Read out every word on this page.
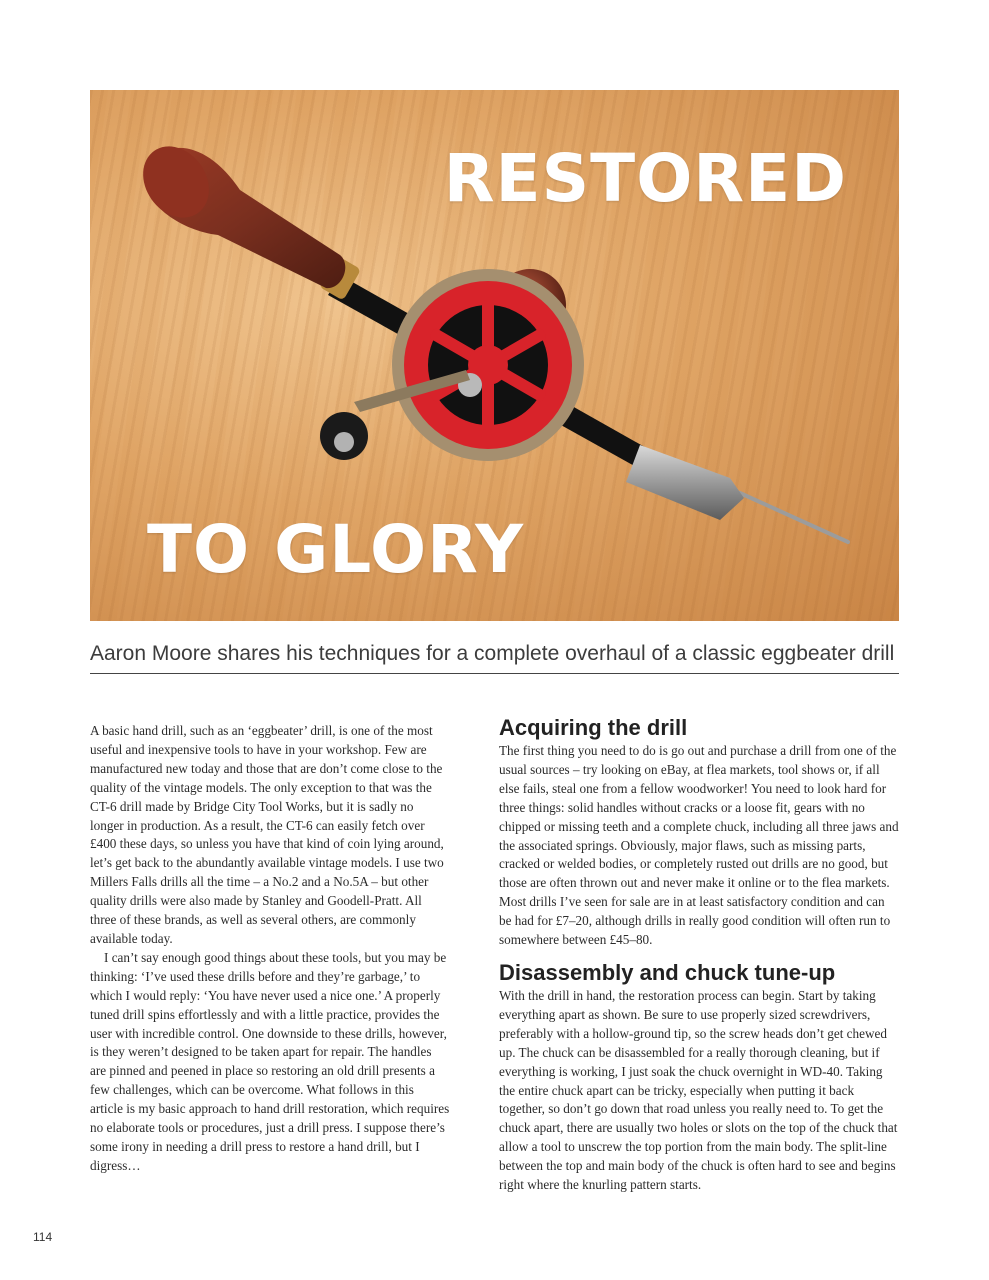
RESTORED
TO GLORY

Aaron Moore shares his techniques for a complete overhaul of a classic eggbeater drill

A basic hand drill, such as an ‘eggbeater’ drill, is one of the most useful and inexpensive tools to have in your workshop. Few are manufactured new today and those that are don’t come close to the quality of the vintage models. The only exception to that was the CT-6 drill made by Bridge City Tool Works, but it is sadly no longer in production. As a result, the CT-6 can easily fetch over £400 these days, so unless you have that kind of coin lying around, let’s get back to the abundantly available vintage models. I use two Millers Falls drills all the time – a No.2 and a No.5A – but other quality drills were also made by Stanley and Goodell-Pratt. All three of these brands, as well as several others, are commonly available today.

I can’t say enough good things about these tools, but you may be thinking: ‘I’ve used these drills before and they’re garbage,’ to which I would reply: ‘You have never used a nice one.’ A properly tuned drill spins effortlessly and with a little practice, provides the user with incredible control. One downside to these drills, however, is they weren’t designed to be taken apart for repair. The handles are pinned and peened in place so restoring an old drill presents a few challenges, which can be overcome. What follows in this article is my basic approach to hand drill restoration, which requires no elaborate tools or procedures, just a drill press. I suppose there’s some irony in needing a drill press to restore a hand drill, but I digress…

Acquiring the drill

The first thing you need to do is go out and purchase a drill from one of the usual sources – try looking on eBay, at flea markets, tool shows or, if all else fails, steal one from a fellow woodworker! You need to look hard for three things: solid handles without cracks or a loose fit, gears with no chipped or missing teeth and a complete chuck, including all three jaws and the associated springs. Obviously, major flaws, such as missing parts, cracked or welded bodies, or completely rusted out drills are no good, but those are often thrown out and never make it online or to the flea markets. Most drills I’ve seen for sale are in at least satisfactory condition and can be had for £7–20, although drills in really good condition will often run to somewhere between £45–80.

Disassembly and chuck tune-up

With the drill in hand, the restoration process can begin. Start by taking everything apart as shown. Be sure to use properly sized screwdrivers, preferably with a hollow-ground tip, so the screw heads don’t get chewed up. The chuck can be disassembled for a really thorough cleaning, but if everything is working, I just soak the chuck overnight in WD-40. Taking the entire chuck apart can be tricky, especially when putting it back together, so don’t go down that road unless you really need to. To get the chuck apart, there are usually two holes or slots on the top of the chuck that allow a tool to unscrew the top portion from the main body. The split-line between the top and main body of the chuck is often hard to see and begins right where the knurling pattern starts.

114
